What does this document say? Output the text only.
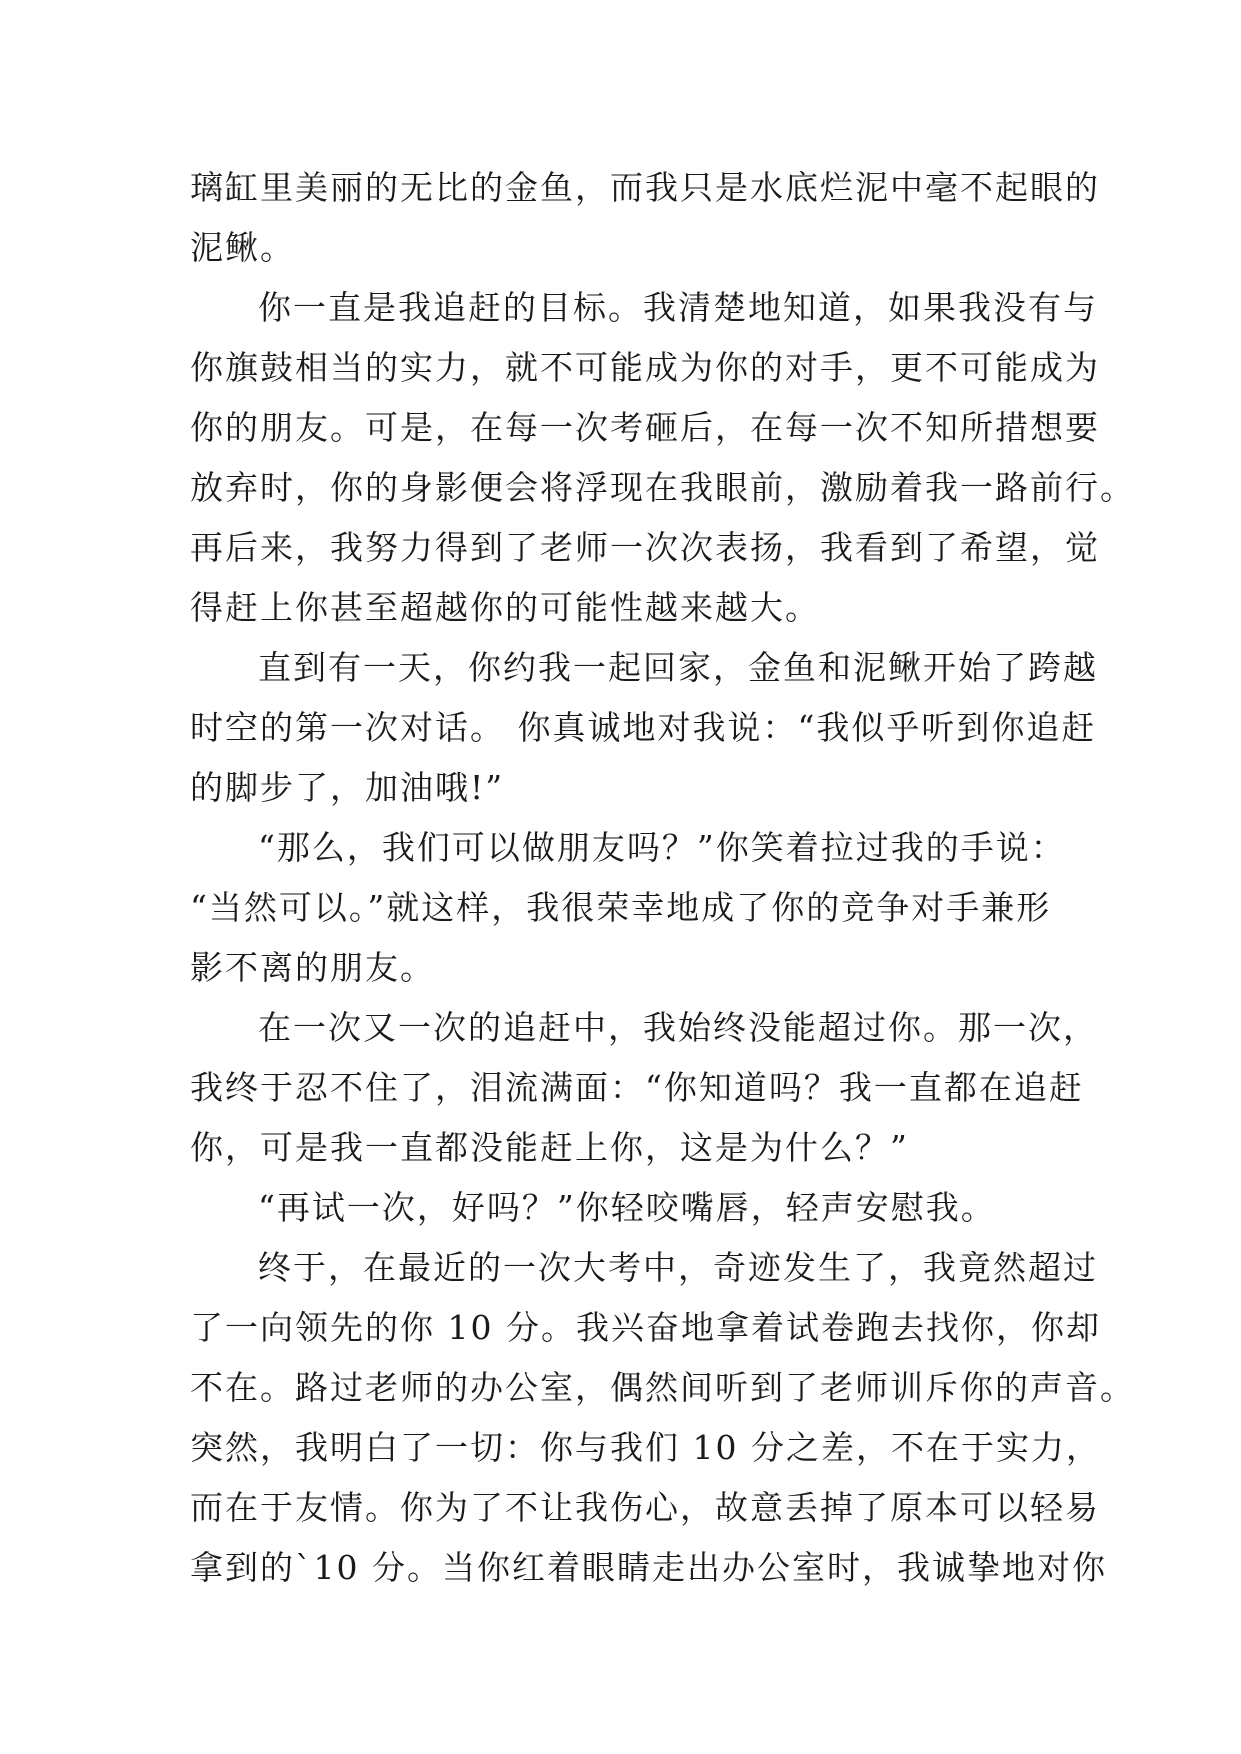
璃缸里美丽的无比的金鱼，而我只是水底烂泥中毫不起眼的
泥鳅。
你一直是我追赶的目标。我清楚地知道，如果我没有与
你旗鼓相当的实力，就不可能成为你的对手，更不可能成为
你的朋友。可是，在每一次考砸后，在每一次不知所措想要
放弃时，你的身影便会将浮现在我眼前，激励着我一路前行。
再后来，我努力得到了老师一次次表扬，我看到了希望，觉
得赶上你甚至超越你的可能性越来越大。
直到有一天，你约我一起回家，金鱼和泥鳅开始了跨越
时空的第一次对话。 你真诚地对我说：“我似乎听到你追赶
的脚步了，加油哦!”
“那么，我们可以做朋友吗？”你笑着拉过我的手说：
“当然可以。”就这样，我很荣幸地成了你的竞争对手兼形
影不离的朋友。
在一次又一次的追赶中，我始终没能超过你。那一次，
我终于忍不住了，泪流满面：“你知道吗？我一直都在追赶
你，可是我一直都没能赶上你，这是为什么？”
“再试一次，好吗？”你轻咬嘴唇，轻声安慰我。
终于，在最近的一次大考中，奇迹发生了，我竟然超过
了一向领先的你 10 分。我兴奋地拿着试卷跑去找你，你却
不在。路过老师的办公室，偶然间听到了老师训斥你的声音。
突然，我明白了一切：你与我们 10 分之差，不在于实力，
而在于友情。你为了不让我伤心，故意丢掉了原本可以轻易
拿到的`10 分。当你红着眼睛走出办公室时，我诚挚地对你
